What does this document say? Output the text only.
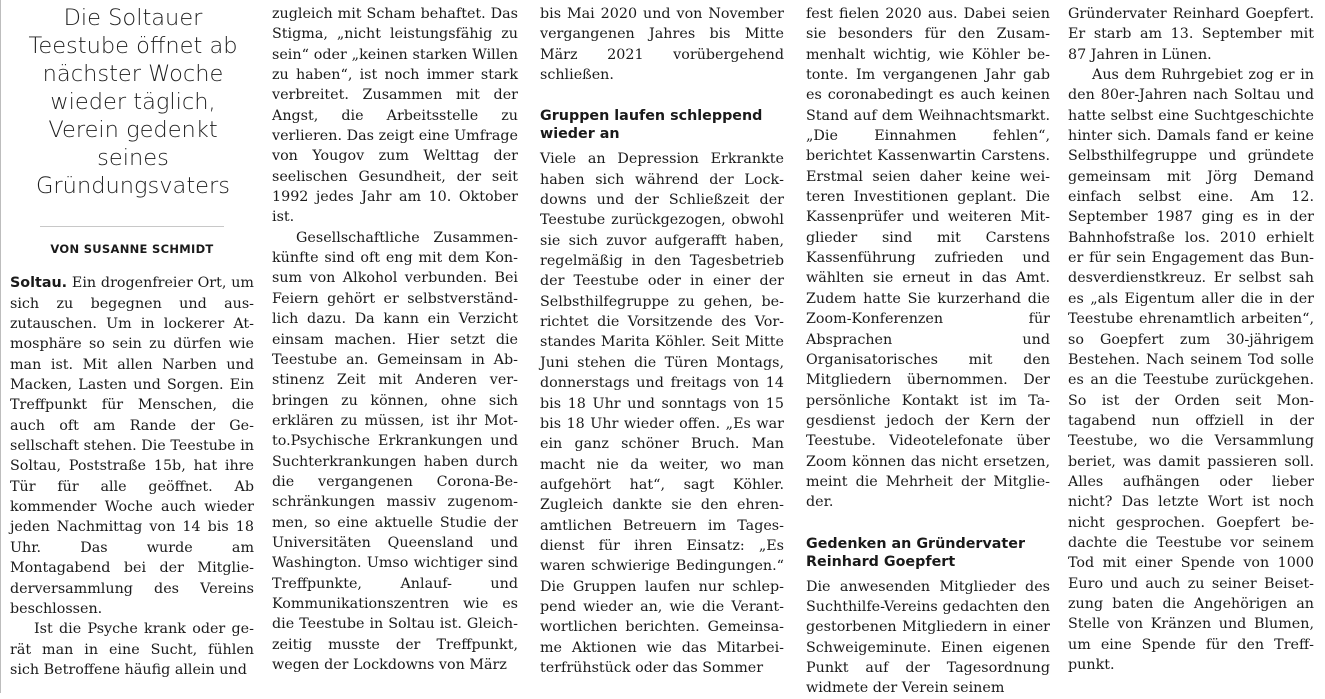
Die Soltauer Teestube öffnet ab nächster Woche wieder täglich, Verein gedenkt seines Gründungsvaters
VON SUSANNE SCHMIDT

Soltau. Ein drogenfreier Ort, um sich zu begegnen und auszutauschen. Um in lockerer Atmosphäre so sein zu dürfen wie man ist. Mit allen Narben und Macken, Lasten und Sorgen. Ein Treffpunkt für Menschen, die auch oft am Rande der Gesellschaft stehen. Die Teestube in Soltau, Poststraße 15b, hat ihre Tür für alle geöffnet. Ab kommender Woche auch wieder jeden Nachmittag von 14 bis 18 Uhr. Das wurde am Montagabend bei der Mitgliederversammlung des Vereins beschlossen.

Ist die Psyche krank oder gerät man in eine Sucht, fühlen sich Betroffene häufig allein und

zugleich mit Scham behaftet. Das Stigma, „nicht leistungsfähig zu sein“ oder „keinen starken Willen zu haben“, ist noch immer stark verbreitet. Zusammen mit der Angst, die Arbeitsstelle zu verlieren. Das zeigt eine Umfrage von Yougov zum Welttag der seelischen Gesundheit, der seit 1992 jedes Jahr am 10. Oktober ist.

Gesellschaftliche Zusammenkünfte sind oft eng mit dem Konsum von Alkohol verbunden. Bei Feiern gehört er selbstverständlich dazu. Da kann ein Verzicht einsam machen. Hier setzt die Teestube an. Gemeinsam in Abstinenz Zeit mit Anderen verbringen zu können, ohne sich erklären zu müssen, ist ihr Motto.Psychische Erkrankungen und Suchterkrankungen haben durch die vergangenen Corona-Beschränkungen massiv zugenommen, so eine aktuelle Studie der Universitäten Queensland und Washington. Umso wichtiger sind Treffpunkte, Anlauf- und Kommunikationszentren wie es die Teestube in Soltau ist. Gleichzeitig musste der Treffpunkt, wegen der Lockdowns von März

bis Mai 2020 und von November vergangenen Jahres bis Mitte März 2021 vorübergehend schließen.

Gruppen laufen schleppend wieder an

Viele an Depression Erkrankte haben sich während der Lockdowns und der Schließzeit der Teestube zurückgezogen, obwohl sie sich zuvor aufgerafft haben, regelmäßig in den Tagesbetrieb der Teestube oder in einer der Selbsthilfegruppe zu gehen, berichtet die Vorsitzende des Vorstandes Marita Köhler. Seit Mitte Juni stehen die Türen Montags, donnerstags und freitags von 14 bis 18 Uhr und sonntags von 15 bis 18 Uhr wieder offen. „Es war ein ganz schöner Bruch. Man macht nie da weiter, wo man aufgehört hat“, sagt Köhler. Zugleich dankte sie den ehrenamtlichen Betreuern im Tagesdienst für ihren Einsatz: „Es waren schwierige Bedingungen.“ Die Gruppen laufen nur schleppend wieder an, wie die Verantwortlichen berichten. Gemeinsame Aktionen wie das Mitarbeiterfrühstück oder das Sommer

fest fielen 2020 aus. Dabei seien sie besonders für den Zusammenhalt wichtig, wie Köhler betonte. Im vergangenen Jahr gab es coronabedingt es auch keinen Stand auf dem Weihnachtsmarkt. „Die Einnahmen fehlen“, berichtet Kassenwartin Carstens. Erstmal seien daher keine weiteren Investitionen geplant. Die Kassenprüfer und weiteren Mitglieder sind mit Carstens Kassenführung zufrieden und wählten sie erneut in das Amt. Zudem hatte Sie kurzerhand die Zoom-Konferenzen für Absprachen und Organisatorisches mit den Mitgliedern übernommen. Der persönliche Kontakt ist im Tagesdienst jedoch der Kern der Teestube. Videotelefonate über Zoom können das nicht ersetzen, meint die Mehrheit der Mitglieder.

Gedenken an Gründervater Reinhard Goepfert

Die anwesenden Mitglieder des Suchthilfe-Vereins gedachten den gestorbenen Mitgliedern in einer Schweigeminute. Einen eigenen Punkt auf der Tagesordnung widmete der Verein seinem

Gründervater Reinhard Goepfert. Er starb am 13. September mit 87 Jahren in Lünen.

Aus dem Ruhrgebiet zog er in den 80er-Jahren nach Soltau und hatte selbst eine Suchtgeschichte hinter sich. Damals fand er keine Selbsthilfegruppe und gründete gemeinsam mit Jörg Demand einfach selbst eine. Am 12. September 1987 ging es in der Bahnhofstraße los. 2010 erhielt er für sein Engagement das Bundesverdienstkreuz. Er selbst sah es „als Eigentum aller die in der Teestube ehrenamtlich arbeiten“, so Goepfert zum 30-jährigem Bestehen. Nach seinem Tod solle es an die Teestube zurückgehen. So ist der Orden seit Montagabend nun offziell in der Teestube, wo die Versammlung beriet, was damit passieren soll. Alles aufhängen oder lieber nicht? Das letzte Wort ist noch nicht gesprochen. Goepfert bedachte die Teestube vor seinem Tod mit einer Spende von 1000 Euro und auch zu seiner Beisetzung baten die Angehörigen an Stelle von Kränzen und Blumen, um eine Spende für den Treffpunkt.
